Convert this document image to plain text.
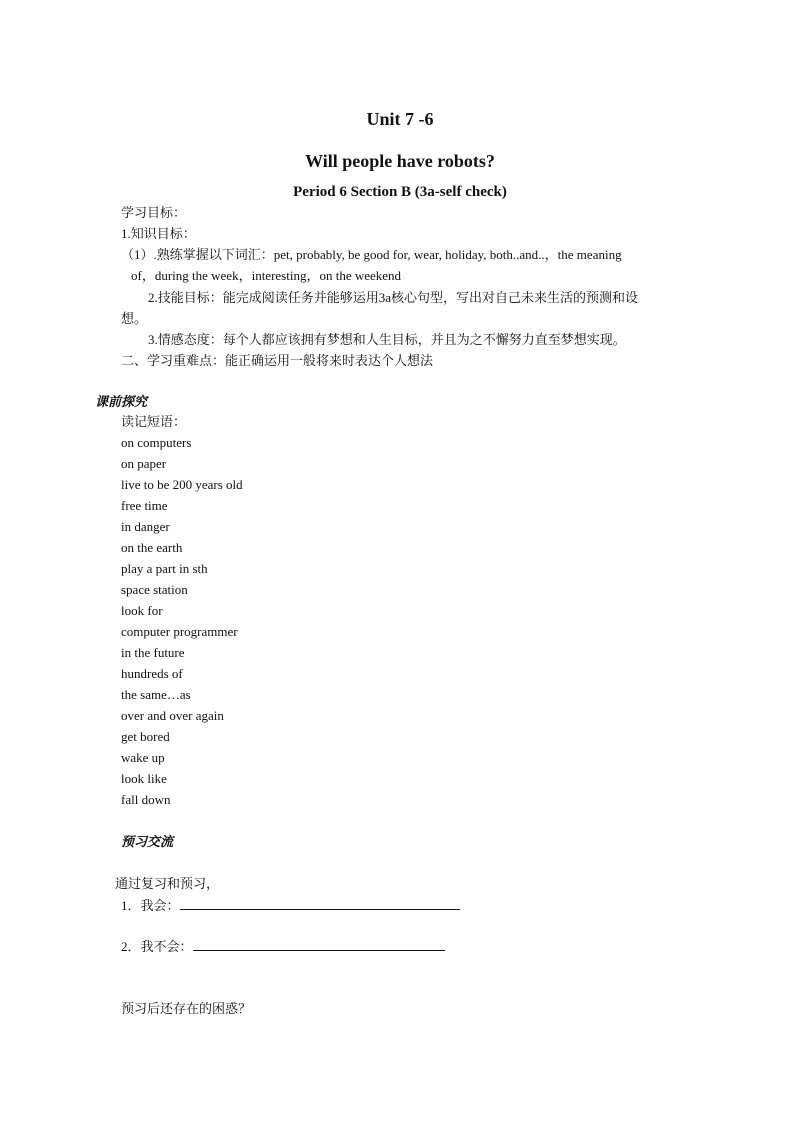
Unit 7 -6
Will people have robots?
Period 6 Section B (3a-self check)
学习目标：
1.知识目标：
（1）.熟练掌握以下词汇：pet, probably, be good for, wear, holiday, both..and..，the meaning
of，during the week，interesting，on the weekend
2.技能目标：能完成阅读任务并能够运用3a核心句型，写出对自己未来生活的预测和设
想。
3.情感态度：每个人都应该拥有梦想和人生目标，并且为之不懈努力直至梦想实现。
二、学习重难点：能正确运用一般将来时表达个人想法
课前探究
读记短语：
on computers
on paper
live to be 200 years old
free time
in danger
on the earth
play a part in sth
space station
look for
computer programmer
in the future
hundreds of
the same…as
over and over again
get bored
wake up
look like
fall down
预习交流
通过复习和预习，
1．我会：
2．我不会：
预习后还存在的困惑？
